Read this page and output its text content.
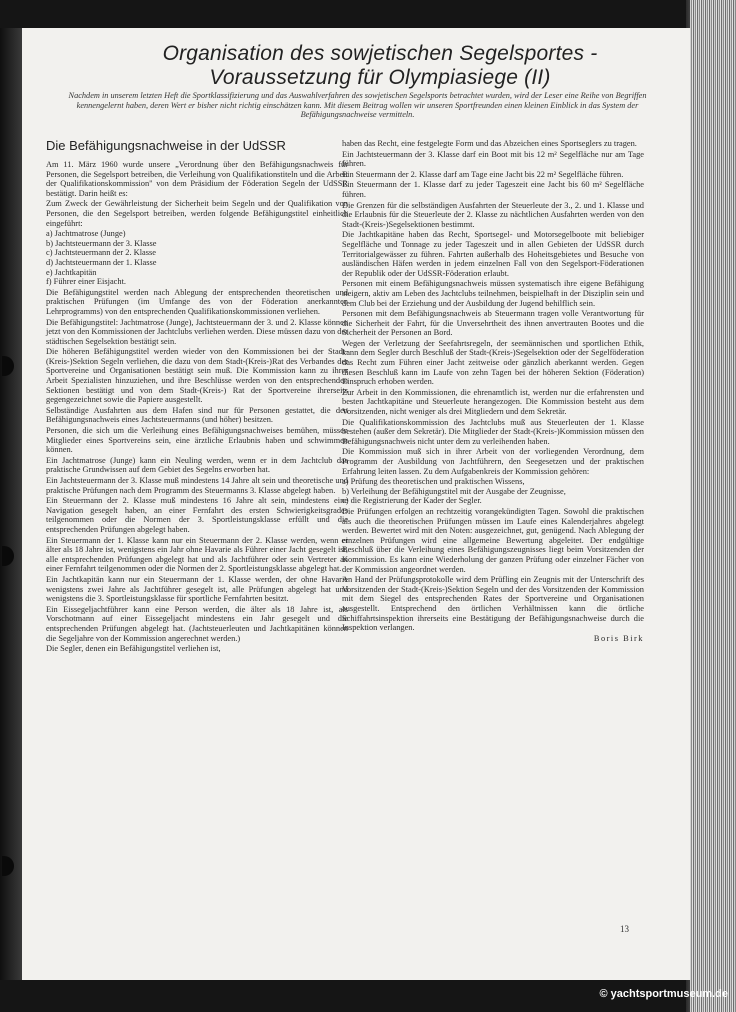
Organisation des sowjetischen Segelsportes -
Voraussetzung für Olympiasiege (II)

Nachdem in unserem letzten Heft die Sportklassifizierung und das Auswahlverfahren des sowjetischen Segelsports betrachtet wurden, wird der Leser eine Reihe von Begriffen kennengelernt haben, deren Wert er bisher nicht richtig einschätzen kann. Mit diesem Beitrag wollen wir unseren Sportfreunden einen kleinen Einblick in das System der Befähigungsnachweise vermitteln.

Die Befähigungsnachweise in der UdSSR

Am 11. März 1960 wurde unsere „Verordnung über den Befähigungsnachweis für Personen, die Segelsport betreiben, die Verleihung von Qualifikationstiteln und die Arbeit der Qualifikationskommission" von dem Präsidium der Föderation Segeln der UdSSR bestätigt. Darin heißt es:

Zum Zweck der Gewährleistung der Sicherheit beim Segeln und der Qualifikation von Personen, die den Segelsport betreiben, werden folgende Befähigungstitel einheitlich eingeführt:

a) Jachtmatrose (Junge)
b) Jachtsteuermann der 3. Klasse
c) Jachtsteuermann der 2. Klasse
d) Jachtsteuermann der 1. Klasse
e) Jachtkapitän
f) Führer einer Eisjacht.

Die Befähigungstitel werden nach Ablegung der entsprechenden theoretischen und praktischen Prüfungen (im Umfange des von der Föderation anerkannten Lehrprogramms) von den entsprechenden Qualifikationskommissionen verliehen.

Die Befähigungstitel: Jachtmatrose (Junge), Jachtsteuermann der 3. und 2. Klasse können jetzt von den Kommissionen der Jachtclubs verliehen werden. Diese müssen dazu von der städtischen Segelsektion bestätigt sein.

Die höheren Befähigungstitel werden wieder von den Kommissionen bei der Stadt-(Kreis-)Sektion Segeln verliehen, die dazu von dem Stadt-(Kreis-)Rat des Verbandes der Sportvereine und Organisationen bestätigt sein muß. Die Kommission kann zu ihrer Arbeit Spezialisten hinzuziehen, und ihre Beschlüsse werden von den entsprechenden Sektionen bestätigt und von dem Stadt-(Kreis-) Rat der Sportvereine ihrerseits gegengezeichnet sowie die Papiere ausgestellt.

Selbständige Ausfahrten aus dem Hafen sind nur für Personen gestattet, die den Befähigungsnachweis eines Jachtsteuermanns (und höher) besitzen.

Personen, die sich um die Verleihung eines Befähigungsnachweises bemühen, müssen Mitglieder eines Sportvereins sein, eine ärztliche Erlaubnis haben und schwimmen können.

Ein Jachtmatrose (Junge) kann ein Neuling werden, wenn er in dem Jachtclub das praktische Grundwissen auf dem Gebiet des Segelns erworben hat.

Ein Jachtsteuermann der 3. Klasse muß mindestens 14 Jahre alt sein und theoretische und praktische Prüfungen nach dem Programm des Steuermanns 3. Klasse abgelegt haben.

Ein Steuermann der 2. Klasse muß mindestens 16 Jahre alt sein, mindestens eine Navigation gesegelt haben, an einer Fernfahrt des ersten Schwierigkeitsgrades teilgenommen oder die Normen der 3. Sportleistungsklasse erfüllt und die entsprechenden Prüfungen abgelegt haben.

Ein Steuermann der 1. Klasse kann nur ein Steuermann der 2. Klasse werden, wenn er älter als 18 Jahre ist, wenigstens ein Jahr ohne Havarie als Führer einer Jacht gesegelt ist, alle entsprechenden Prüfungen abgelegt hat und als Jachtführer oder sein Vertreter an einer Fernfahrt teilgenommen oder die Normen der 2. Sportleistungsklasse abgelegt hat.

Ein Jachtkapitän kann nur ein Steuermann der 1. Klasse werden, der ohne Havarie wenigstens zwei Jahre als Jachtführer gesegelt ist, alle Prüfungen abgelegt hat und wenigstens die 3. Sportleistungsklasse für sportliche Fernfahrten besitzt.

Ein Eissegeljachtführer kann eine Person werden, die älter als 18 Jahre ist, als Vorschotmann auf einer Eissegeljacht mindestens ein Jahr gesegelt und die entsprechenden Prüfungen abgelegt hat. (Jachtsteuerleuten und Jachtkapitänen können die Segeljahre von der Kommission angerechnet werden.)

Die Segler, denen ein Befähigungstitel verliehen ist,

haben das Recht, eine festgelegte Form und das Abzeichen eines Sportseglers zu tragen.

Ein Jachtsteuermann der 3. Klasse darf ein Boot mit bis 12 m² Segelfläche nur am Tage führen.

Ein Steuermann der 2. Klasse darf am Tage eine Jacht bis 22 m² Segelfläche führen.

Ein Steuermann der 1. Klasse darf zu jeder Tageszeit eine Jacht bis 60 m² Segelfläche führen.

Die Grenzen für die selbständigen Ausfahrten der Steuerleute der 3., 2. und 1. Klasse und die Erlaubnis für die Steuerleute der 2. Klasse zu nächtlichen Ausfahrten werden von den Stadt-(Kreis-)Segelsektionen bestimmt.

Die Jachtkapitäne haben das Recht, Sportsegel- und Motorsegelboote mit beliebiger Segelfläche und Tonnage zu jeder Tageszeit und in allen Gebieten der UdSSR durch Territorialgewässer zu führen. Fahrten außerhalb des Hoheitsgebietes und Besuche von ausländischen Häfen werden in jedem einzelnen Fall von den Segelsport-Föderationen der Republik oder der UdSSR-Föderation erlaubt.

Personen mit einem Befähigungsnachweis müssen systematisch ihre eigene Befähigung steigern, aktiv am Leben des Jachtclubs teilnehmen, beispielhaft in der Disziplin sein und dem Club bei der Erziehung und der Ausbildung der Jugend behilflich sein.

Personen mit dem Befähigungsnachweis ab Steuermann tragen volle Verantwortung für die Sicherheit der Fahrt, für die Unversehrtheit des ihnen anvertrauten Bootes und die Sicherheit der Personen an Bord.

Wegen der Verletzung der Seefahrtsregeln, der seemännischen und sportlichen Ethik, kann dem Segler durch Beschluß der Stadt-(Kreis-)Segelsektion oder der Segelföderation das Recht zum Führen einer Jacht zeitweise oder gänzlich aberkannt werden. Gegen diesen Beschluß kann im Laufe von zehn Tagen bei der höheren Sektion (Föderation) Einspruch erhoben werden.

Zur Arbeit in den Kommissionen, die ehrenamtlich ist, werden nur die erfahrensten und besten Jachtkapitäne und Steuerleute herangezogen. Die Kommission besteht aus dem Vorsitzenden, nicht weniger als drei Mitgliedern und dem Sekretär.

Die Qualifikationskommission des Jachtclubs muß aus Steuerleuten der 1. Klasse bestehen (außer dem Sekretär). Die Mitglieder der Stadt-(Kreis-)Kommission müssen den Befähigungsnachweis nicht unter dem zu verleihenden haben.

Die Kommission muß sich in ihrer Arbeit von der vorliegenden Verordnung, dem Programm der Ausbildung von Jachtführern, den Seegesetzen und der praktischen Erfahrung leiten lassen. Zu dem Aufgabenkreis der Kommission gehören:

a) Prüfung des theoretischen und praktischen Wissens,
b) Verleihung der Befähigungstitel mit der Ausgabe der Zeugnisse,
c) die Registrierung der Kader der Segler.

Die Prüfungen erfolgen an rechtzeitig vorangekündigten Tagen. Sowohl die praktischen als auch die theoretischen Prüfungen müssen im Laufe eines Kalenderjahres abgelegt werden. Bewertet wird mit den Noten: ausgezeichnet, gut, genügend. Nach Ablegung der einzelnen Prüfungen wird eine allgemeine Bewertung abgeleitet. Der endgültige Beschluß über die Verleihung eines Befähigungszeugnisses liegt beim Vorsitzenden der Kommission. Es kann eine Wiederholung der ganzen Prüfung oder einzelner Fächer von der Kommission angeordnet werden.

An Hand der Prüfungsprotokolle wird dem Prüfling ein Zeugnis mit der Unterschrift des Vorsitzenden der Stadt-(Kreis-)Sektion Segeln und der des Vorsitzenden der Kommission mit dem Siegel des entsprechenden Rates der Sportvereine und Organisationen ausgestellt. Entsprechend den örtlichen Verhältnissen kann die örtliche Schiffahrtsinspektion ihrerseits eine Bestätigung der Befähigungsnachweise durch die Inspektion verlangen.

Boris Birk

13
© yachtsportmuseum.de
